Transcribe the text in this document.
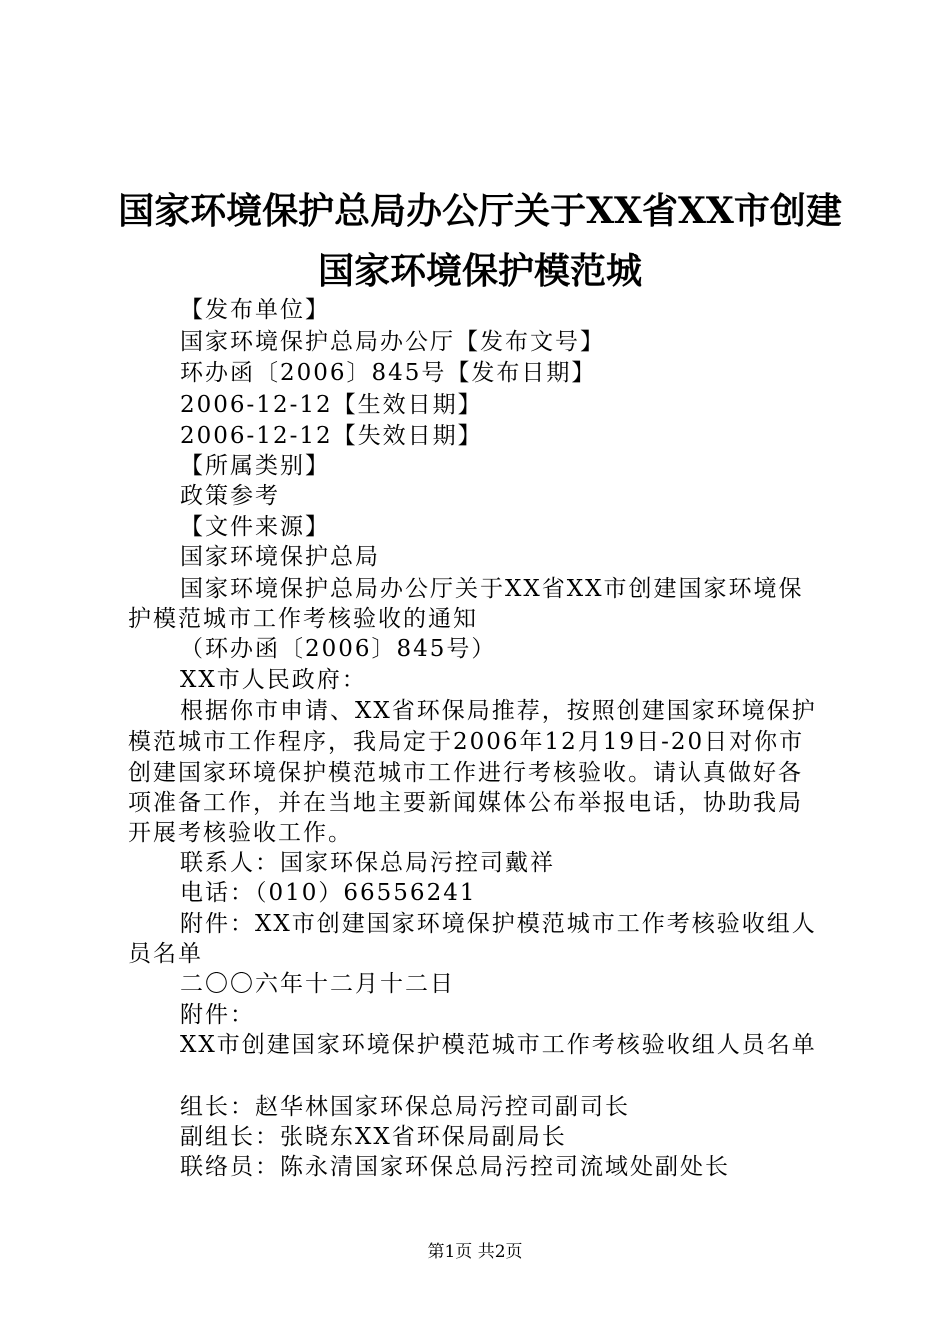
国家环境保护总局办公厅关于XX省XX市创建
国家环境保护模范城
【发布单位】
国家环境保护总局办公厅【发布文号】
环办函〔2006〕845号【发布日期】
2006-12-12【生效日期】
2006-12-12【失效日期】
【所属类别】
政策参考
【文件来源】
国家环境保护总局
国家环境保护总局办公厅关于XX省XX市创建国家环境保
护模范城市工作考核验收的通知
（环办函〔2006〕845号）
XX市人民政府：
根据你市申请、XX省环保局推荐，按照创建国家环境保护
模范城市工作程序，我局定于2006年12月19日-20日对你市
创建国家环境保护模范城市工作进行考核验收。请认真做好各
项准备工作，并在当地主要新闻媒体公布举报电话，协助我局
开展考核验收工作。
联系人：国家环保总局污控司戴祥
电话：（010）66556241
附件：XX市创建国家环境保护模范城市工作考核验收组人
员名单
二〇〇六年十二月十二日
附件：
XX市创建国家环境保护模范城市工作考核验收组人员名单
组长：赵华林国家环保总局污控司副司长
副组长：张晓东XX省环保局副局长
联络员：陈永清国家环保总局污控司流域处副处长
第1页 共2页
